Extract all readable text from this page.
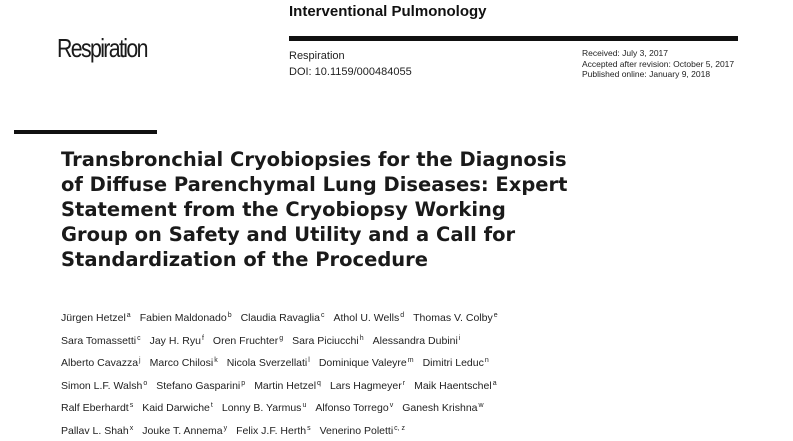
Interventional Pulmonology
Respiration	Respiration
DOI: 10.1159/000484055
Received: July 3, 2017
Accepted after revision: October 5, 2017
Published online: January 9, 2018
Transbronchial Cryobiopsies for the Diagnosis
of Diffuse Parenchymal Lung Diseases: Expert
Statement from the Cryobiopsy Working
Group on Safety and Utility and a Call for
Standardization of the Procedure
Jürgen Hetzel$^a$ Fabien Maldonado$^b$ Claudia Ravaglia$^c$ Athol U. Wells$^d$ Thomas V. Colby$^e$
Sara Tomassetti$^c$ Jay H. Ryu$^f$ Oren Fruchter$^g$ Sara Piciucchi$^h$ Alessandra Dubini$^i$
Alberto Cavazza$^j$ Marco Chilosi$^k$ Nicola Sverzellati$^l$ Dominique Valeyre$^m$ Dimitri Leduc$^n$
Simon L.F. Walsh$^o$ Stefano Gasparini$^p$ Martin Hetzel$^q$ Lars Hagmeyer$^r$ Maik Haentschel$^a$
Ralf Eberhardt$^s$ Kaid Darwiche$^t$ Lonny B. Yarmus$^u$ Alfonso Torrego$^v$ Ganesh Krishna$^w$
Pallav L. Shah$^x$ Jouke T. Annema$^y$ Felix J.F. Herth$^s$ Venerino Poletti$^{c, z}$
